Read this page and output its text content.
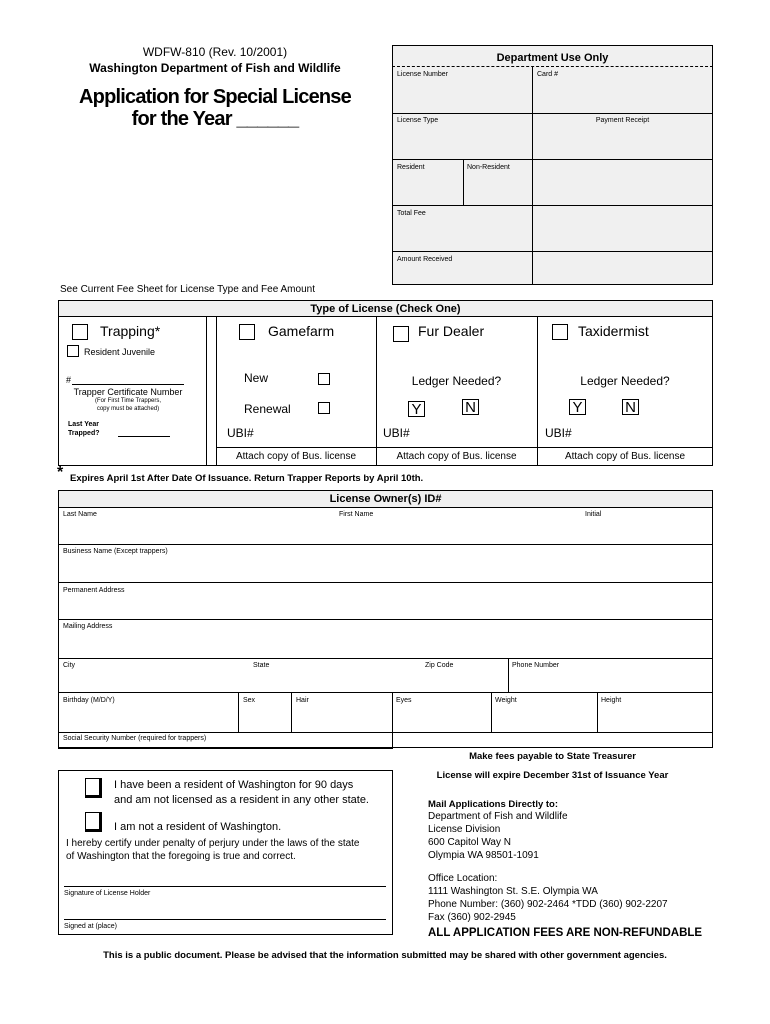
WDFW-810 (Rev. 10/2001)
Washington Department of Fish and Wildlife
Application for Special License
for the Year ______
Department Use Only
License Number	Card #
License Type	Payment Receipt
Resident	Non-Resident
Total Fee
Amount Received
See Current Fee Sheet for License Type and Fee Amount
Type of License (Check One)
Trapping*
Resident Juvenile
#
Trapper Certificate Number
(For First Time Trappers,
copy must be attached)
Last Year
Trapped?
Gamefarm
New
Renewal
UBI#
Attach copy of Bus. license
Fur Dealer
Ledger Needed?
Y	N
UBI#
Attach copy of Bus. license
Taxidermist
Ledger Needed?
Y	N
UBI#
Attach copy of Bus. license
* Expires April 1st After Date Of Issuance. Return Trapper Reports by April 10th.
License Owner(s) ID#
Last Name	First Name	Initial
Business Name (Except trappers)
Permanent Address
Mailing Address
City	State	Zip Code	Phone Number
Birthday (M/D/Y)	Sex	Hair	Eyes	Weight	Height
Social Security Number (required for trappers)
I have been a resident of Washington for 90 days
and am not licensed as a resident in any other state.
I am not a resident of Washington.
I hereby certify under penalty of perjury under the laws of the state
of Washington that the foregoing is true and correct.
Signature of License Holder
Signed at (place)
Make fees payable to State Treasurer
License will expire December 31st of Issuance Year
Mail Applications Directly to:
Department of Fish and Wildlife
License Division
600 Capitol Way N
Olympia WA 98501-1091
Office Location:
1111 Washington St. S.E. Olympia WA
Phone Number: (360) 902-2464 *TDD (360) 902-2207
Fax (360) 902-2945
ALL APPLICATION FEES ARE NON-REFUNDABLE
This is a public document. Please be advised that the information submitted may be shared with other government agencies.
